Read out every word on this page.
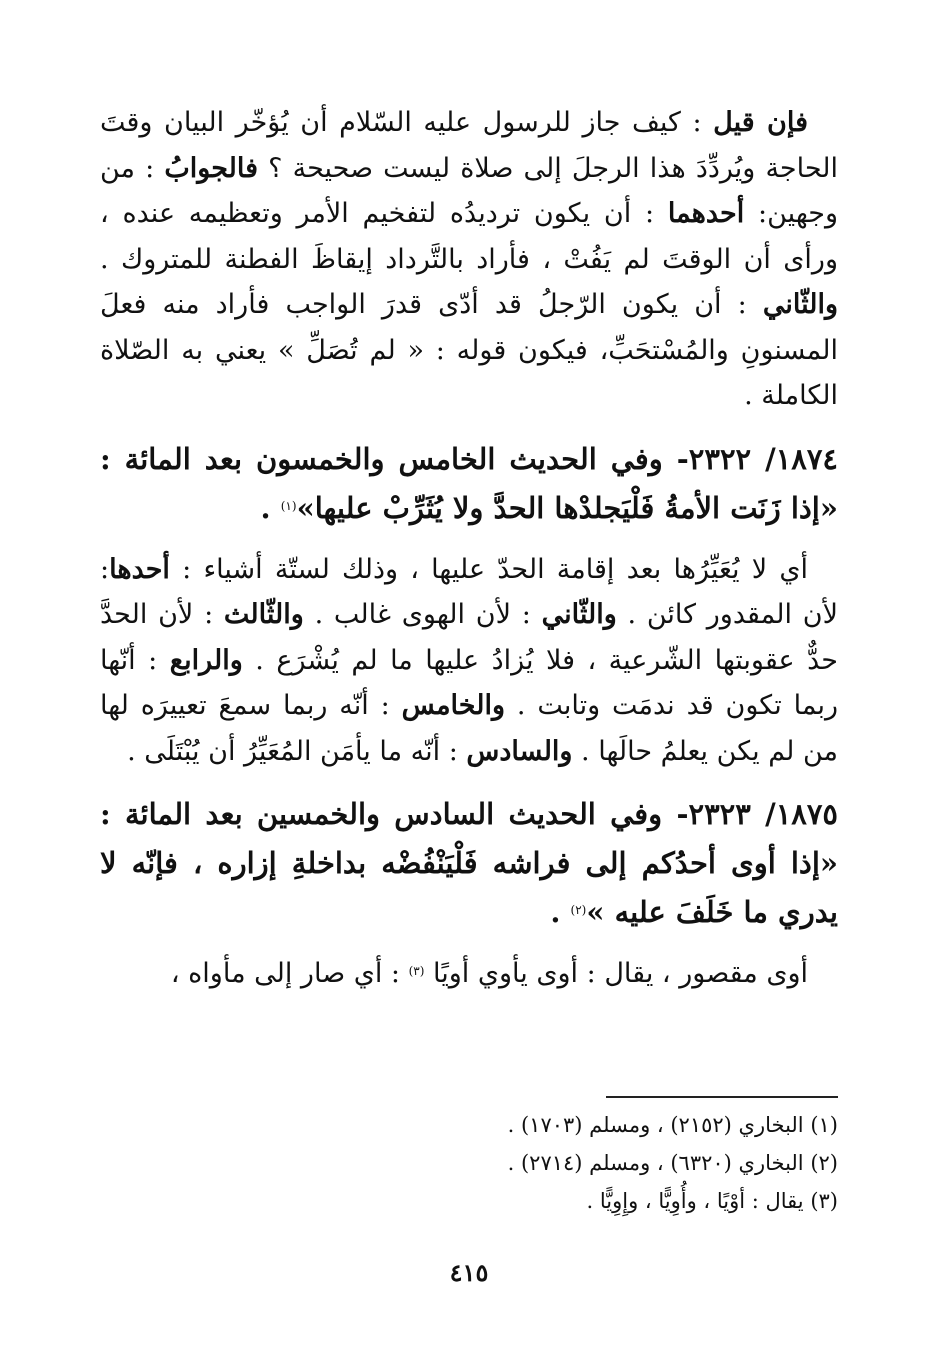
فإن قيل : كيف جاز للرسول عليه السّلام أن يُؤخّر البيان وقتَ الحاجة ويُردِّدَ هذا الرجلَ إلى صلاة ليست صحيحة ؟ فالجوابُ : من وجهين: أحدهما : أن يكون ترديدُه لتفخيم الأمر وتعظيمه عنده ، ورأى أن الوقتَ لم يَفُتْ ، فأراد بالتَّرداد إيقاظَ الفطنة للمتروك . والثّاني : أن يكون الرّجلُ قد أدّى قدرَ الواجب فأراد منه فعلَ المسنونِ والمُسْتحَبِّ، فيكون قوله : « لم تُصَلِّ » يعني به الصّلاة الكاملة .

١٨٧٤/ ٢٣٢٢- وفي الحديث الخامس والخمسون بعد المائة : «إذا زَنَت الأمةُ فَلْيَجلدْها الحدَّ ولا يُثَرِّبْ عليها»$^{(١)}$ .

أي لا يُعَيِّرُها بعد إقامة الحدّ عليها ، وذلك لستّة أشياء : أحدها: لأن المقدور كائن . والثّاني : لأن الهوى غالب . والثّالث : لأن الحدَّ حدٌّ عقوبتها الشّرعية ، فلا يُزادُ عليها ما لم يُشْرَع . والرابع : أنّها ربما تكون قد ندمَت وتابت . والخامس : أنّه ربما سمعَ تعييرَه لها من لم يكن يعلمُ حالَها . والسادس : أنّه ما يأمَن المُعَيِّرُ أن يُبْتَلَى .

١٨٧٥/ ٢٣٢٣- وفي الحديث السادس والخمسين بعد المائة : «إذا أوى أحدُكم إلى فراشه فَلْيَنْفُضْه بداخلةِ إزاره ، فإنّه لا يدري ما خَلَفَ عليه »$^{(٢)}$ .

أوى مقصور ، يقال : أوى يأوي أويًا $^{(٣)}$ : أي صار إلى مأواه ،

(١) البخاري (٢١٥٢) ، ومسلم (١٧٠٣) .

(٢) البخاري (٦٣٢٠) ، ومسلم (٢٧١٤) .

(٣) يقال : أوْيًا ، وأُوِيًّا ، وإِوِيًّا .

٤١٥
